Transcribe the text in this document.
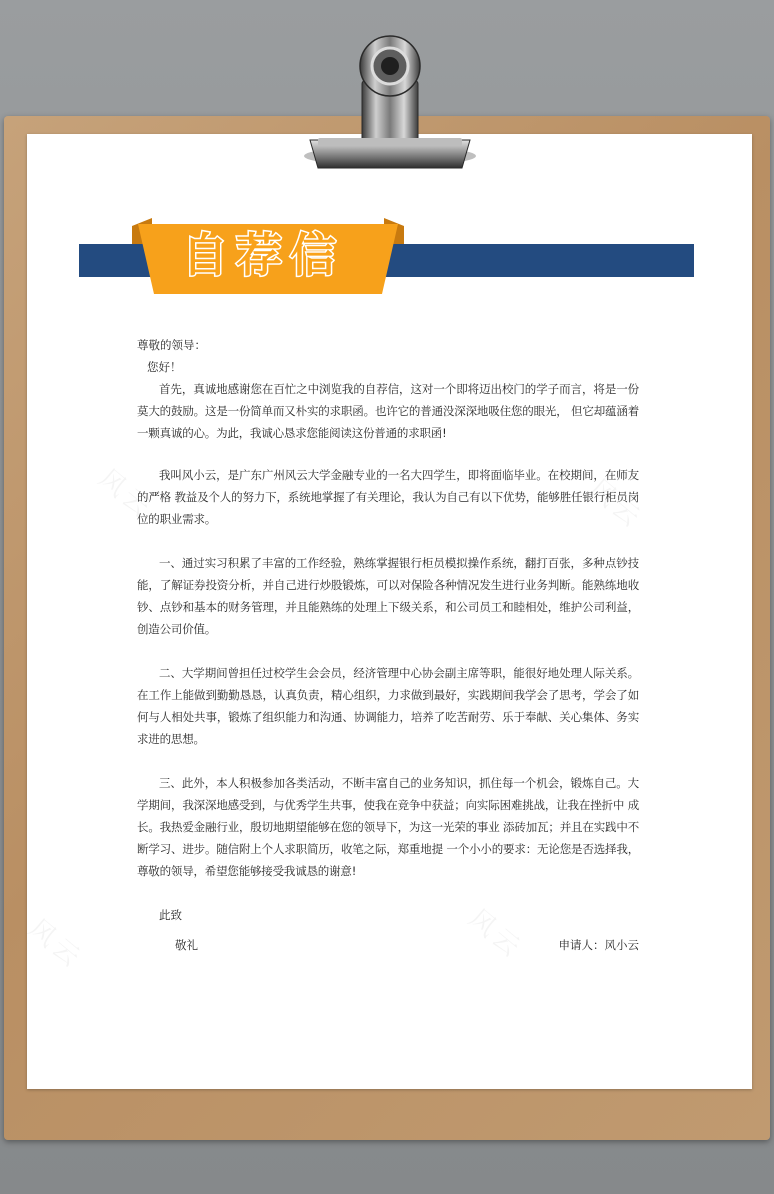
自荐信

尊敬的领导：

您好！

首先，真诚地感谢您在百忙之中浏览我的自荐信，这对一个即将迈出校门的学子而言，将是一份莫大的鼓励。这是一份简单而又朴实的求职函。也许它的普通没深深地吸住您的眼光， 但它却蕴涵着一颗真诚的心。为此，我诚心恳求您能阅读这份普通的求职函!

我叫风小云，是广东广州风云大学金融专业的一名大四学生，即将面临毕业。在校期间，在师友的严格 教益及个人的努力下，系统地掌握了有关理论，我认为自己有以下优势，能够胜任银行柜员岗位的职业需求。

一、通过实习积累了丰富的工作经验，熟练掌握银行柜员模拟操作系统，翻打百张，多种点钞技能，了解证券投资分析，并自己进行炒股锻炼，可以对保险各种情况发生进行业务判断。能熟练地收钞、点钞和基本的财务管理，并且能熟练的处理上下级关系，和公司员工和睦相处，维护公司利益，创造公司价值。

二、大学期间曾担任过校学生会会员，经济管理中心协会副主席等职，能很好地处理人际关系。在工作上能做到勤勤恳恳，认真负责，精心组织，力求做到最好，实践期间我学会了思考，学会了如何与人相处共事，锻炼了组织能力和沟通、协调能力，培养了吃苦耐劳、乐于奉献、关心集体、务实求进的思想。

三、此外，本人积极参加各类活动，不断丰富自己的业务知识，抓住每一个机会，锻炼自己。大学期间，我深深地感受到，与优秀学生共事，使我在竞争中获益；向实际困难挑战，让我在挫折中 成长。我热爱金融行业，殷切地期望能够在您的领导下，为这一光荣的事业 添砖加瓦；并且在实践中不断学习、进步。随信附上个人求职简历，收笔之际，郑重地提 一个小小的要求：无论您是否选择我，尊敬的领导，希望您能够接受我诚恳的谢意!

此致

敬礼	申请人：风小云
